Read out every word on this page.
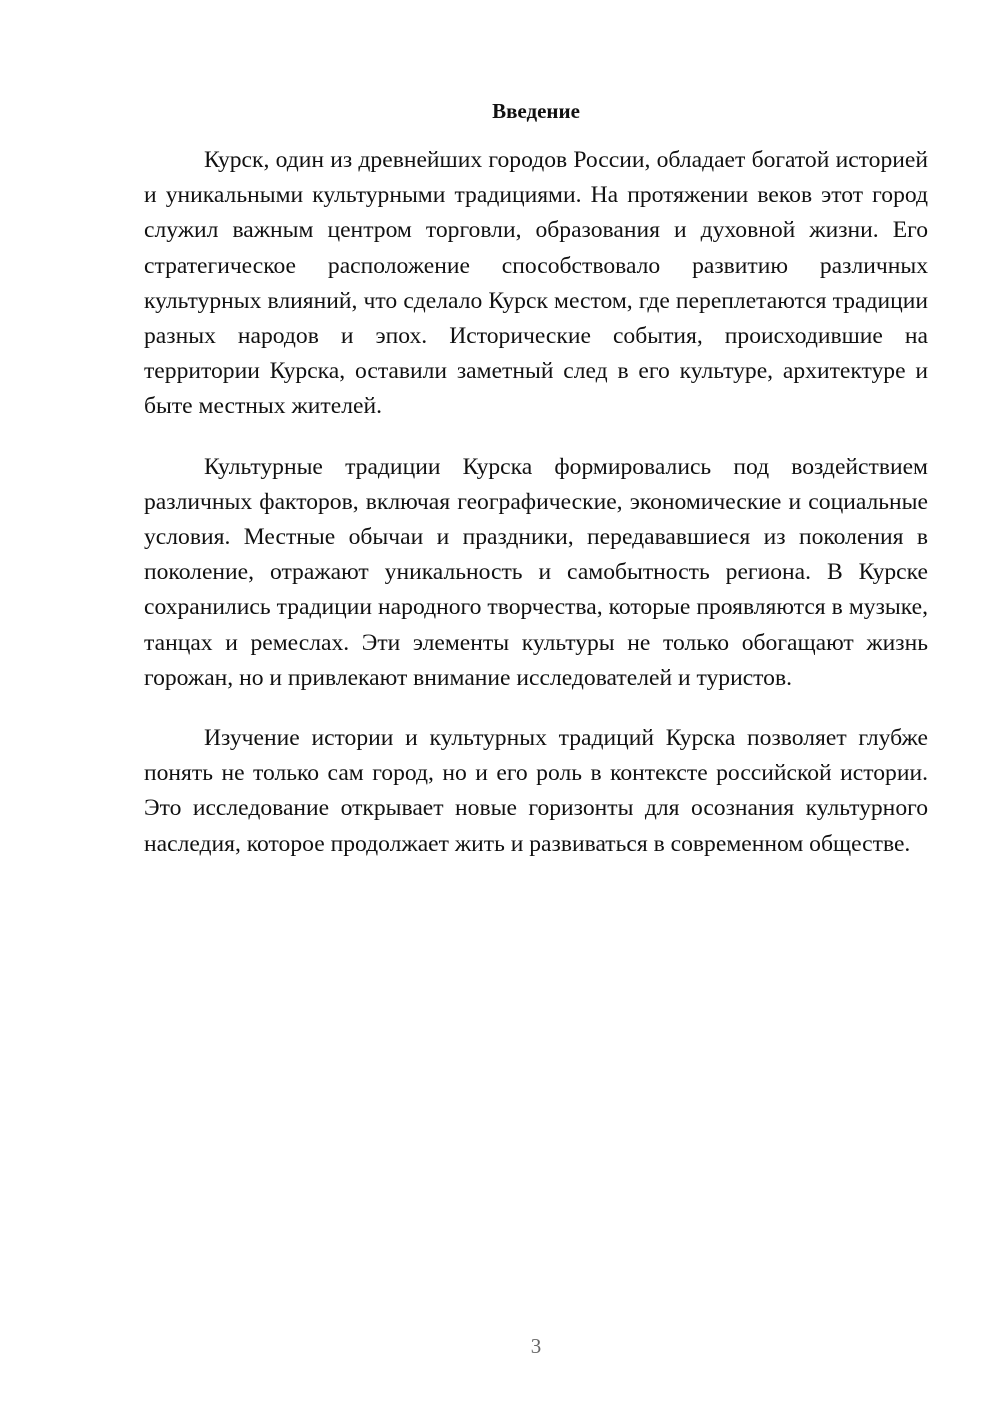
Введение

Курск, один из древнейших городов России, обладает богатой историей и уникальными культурными традициями. На протяжении веков этот город служил важным центром торговли, образования и духовной жизни. Его стратегическое расположение способствовало развитию различных культурных влияний, что сделало Курск местом, где переплетаются традиции разных народов и эпох. Исторические события, происходившие на территории Курска, оставили заметный след в его культуре, архитектуре и быте местных жителей.

Культурные традиции Курска формировались под воздействием различных факторов, включая географические, экономические и социальные условия. Местные обычаи и праздники, передававшиеся из поколения в поколение, отражают уникальность и самобытность региона. В Курске сохранились традиции народного творчества, которые проявляются в музыке, танцах и ремеслах. Эти элементы культуры не только обогащают жизнь горожан, но и привлекают внимание исследователей и туристов.

Изучение истории и культурных традиций Курска позволяет глубже понять не только сам город, но и его роль в контексте российской истории. Это исследование открывает новые горизонты для осознания культурного наследия, которое продолжает жить и развиваться в современном обществе.

3
